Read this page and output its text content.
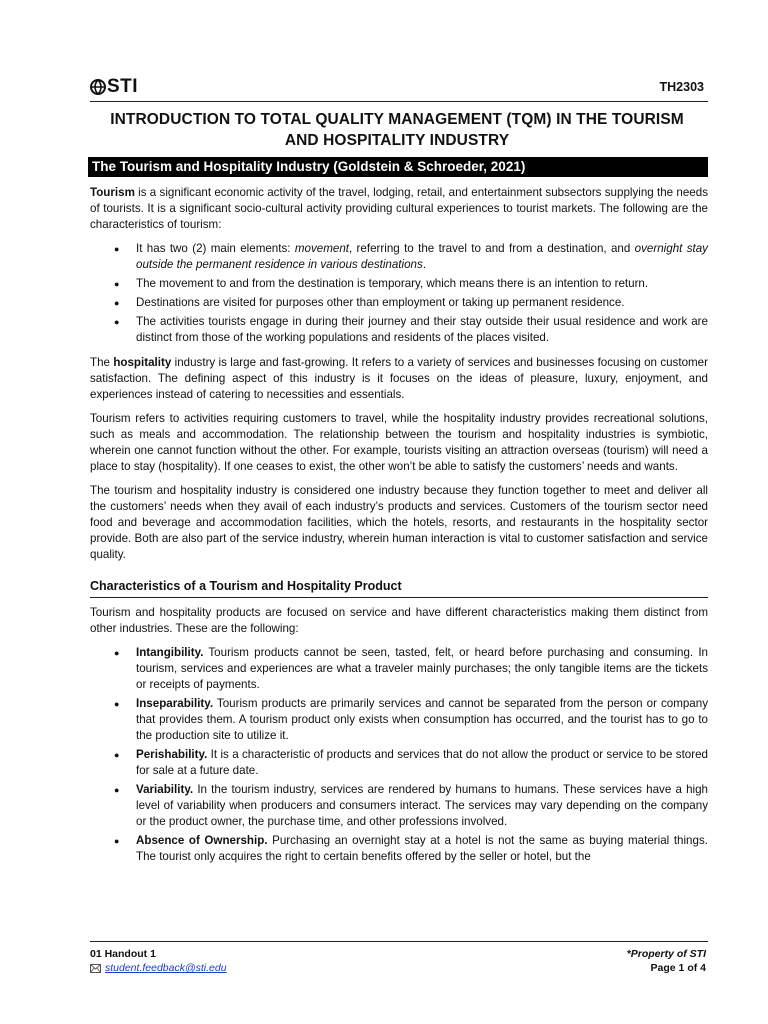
STI	TH2303
INTRODUCTION TO TOTAL QUALITY MANAGEMENT (TQM) IN THE TOURISM
AND HOSPITALITY INDUSTRY
The Tourism and Hospitality Industry (Goldstein & Schroeder, 2021)

Tourism is a significant economic activity of the travel, lodging, retail, and entertainment subsectors supplying the needs of tourists. It is a significant socio-cultural activity providing cultural experiences to tourist markets. The following are the characteristics of tourism:

● It has two (2) main elements: movement, referring to the travel to and from a destination, and overnight stay outside the permanent residence in various destinations.
● The movement to and from the destination is temporary, which means there is an intention to return.
● Destinations are visited for purposes other than employment or taking up permanent residence.
● The activities tourists engage in during their journey and their stay outside their usual residence and work are distinct from those of the working populations and residents of the places visited.

The hospitality industry is large and fast-growing. It refers to a variety of services and businesses focusing on customer satisfaction. The defining aspect of this industry is it focuses on the ideas of pleasure, luxury, enjoyment, and experiences instead of catering to necessities and essentials.

Tourism refers to activities requiring customers to travel, while the hospitality industry provides recreational solutions, such as meals and accommodation. The relationship between the tourism and hospitality industries is symbiotic, wherein one cannot function without the other. For example, tourists visiting an attraction overseas (tourism) will need a place to stay (hospitality). If one ceases to exist, the other won’t be able to satisfy the customers’ needs and wants.

The tourism and hospitality industry is considered one industry because they function together to meet and deliver all the customers’ needs when they avail of each industry’s products and services. Customers of the tourism sector need food and beverage and accommodation facilities, which the hotels, resorts, and restaurants in the hospitality sector provide. Both are also part of the service industry, wherein human interaction is vital to customer satisfaction and service quality.

Characteristics of a Tourism and Hospitality Product

Tourism and hospitality products are focused on service and have different characteristics making them distinct from other industries. These are the following:

● Intangibility. Tourism products cannot be seen, tasted, felt, or heard before purchasing and consuming. In tourism, services and experiences are what a traveler mainly purchases; the only tangible items are the tickets or receipts of payments.
● Inseparability. Tourism products are primarily services and cannot be separated from the person or company that provides them. A tourism product only exists when consumption has occurred, and the tourist has to go to the production site to utilize it.
● Perishability. It is a characteristic of products and services that do not allow the product or service to be stored for sale at a future date.
● Variability. In the tourism industry, services are rendered by humans to humans. These services have a high level of variability when producers and consumers interact. The services may vary depending on the company or the product owner, the purchase time, and other professions involved.
● Absence of Ownership. Purchasing an overnight stay at a hotel is not the same as buying material things. The tourist only acquires the right to certain benefits offered by the seller or hotel, but the
01 Handout 1
student.feedback@sti.edu
*Property of STI
Page 1 of 4
